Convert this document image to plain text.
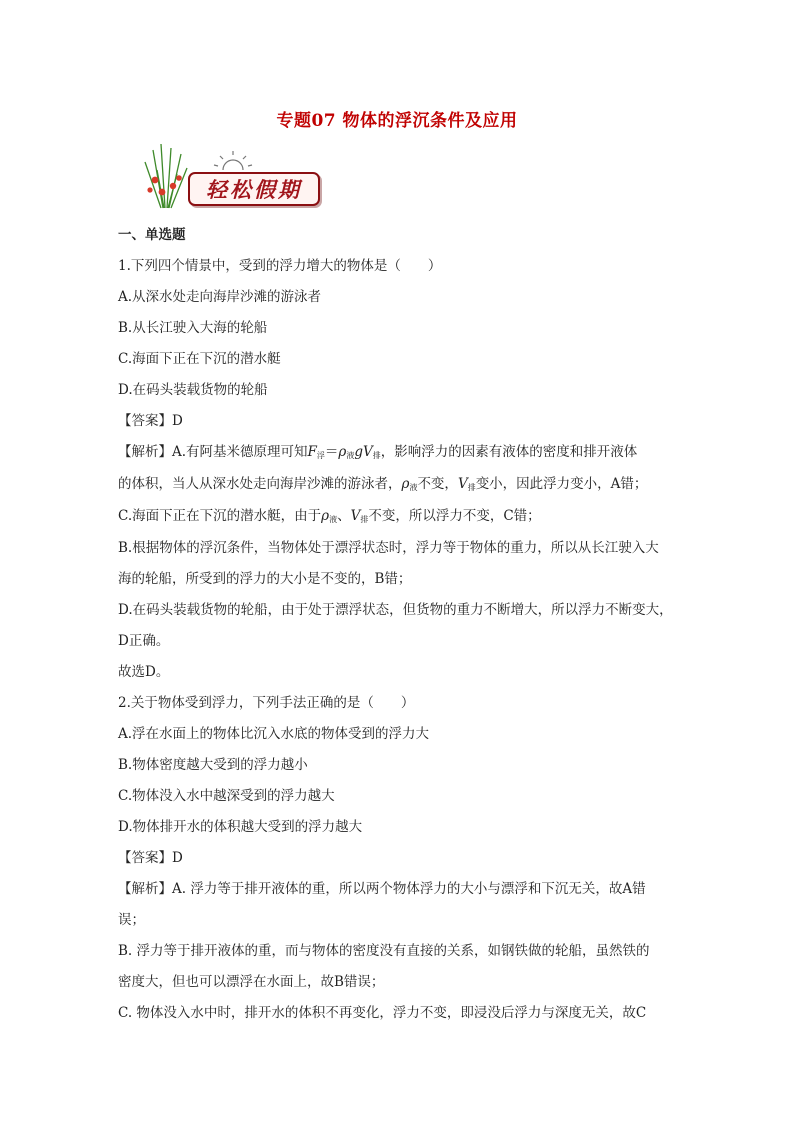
专题07 物体的浮沉条件及应用
轻松假期
一、单选题
1.下列四个情景中，受到的浮力增大的物体是（　　）
A.从深水处走向海岸沙滩的游泳者
B.从长江驶入大海的轮船
C.海面下正在下沉的潜水艇
D.在码头装载货物的轮船
【答案】D
【解析】A.有阿基米德原理可知F浮＝ρ液gV排，影响浮力的因素有液体的密度和排开液体
的体积，当人从深水处走向海岸沙滩的游泳者，ρ液不变，V排变小，因此浮力变小，A错；
C.海面下正在下沉的潜水艇，由于ρ液、V排不变，所以浮力不变，C错；
B.根据物体的浮沉条件，当物体处于漂浮状态时，浮力等于物体的重力，所以从长江驶入大
海的轮船，所受到的浮力的大小是不变的，B错；
D.在码头装载货物的轮船，由于处于漂浮状态，但货物的重力不断增大，所以浮力不断变大，
D正确。
故选D。
2.关于物体受到浮力，下列手法正确的是（　　）
A.浮在水面上的物体比沉入水底的物体受到的浮力大
B.物体密度越大受到的浮力越小
C.物体没入水中越深受到的浮力越大
D.物体排开水的体积越大受到的浮力越大
【答案】D
【解析】A. 浮力等于排开液体的重，所以两个物体浮力的大小与漂浮和下沉无关，故A错
误；
B. 浮力等于排开液体的重，而与物体的密度没有直接的关系，如钢铁做的轮船，虽然铁的
密度大，但也可以漂浮在水面上，故B错误；
C. 物体没入水中时，排开水的体积不再变化，浮力不变，即浸没后浮力与深度无关，故C
